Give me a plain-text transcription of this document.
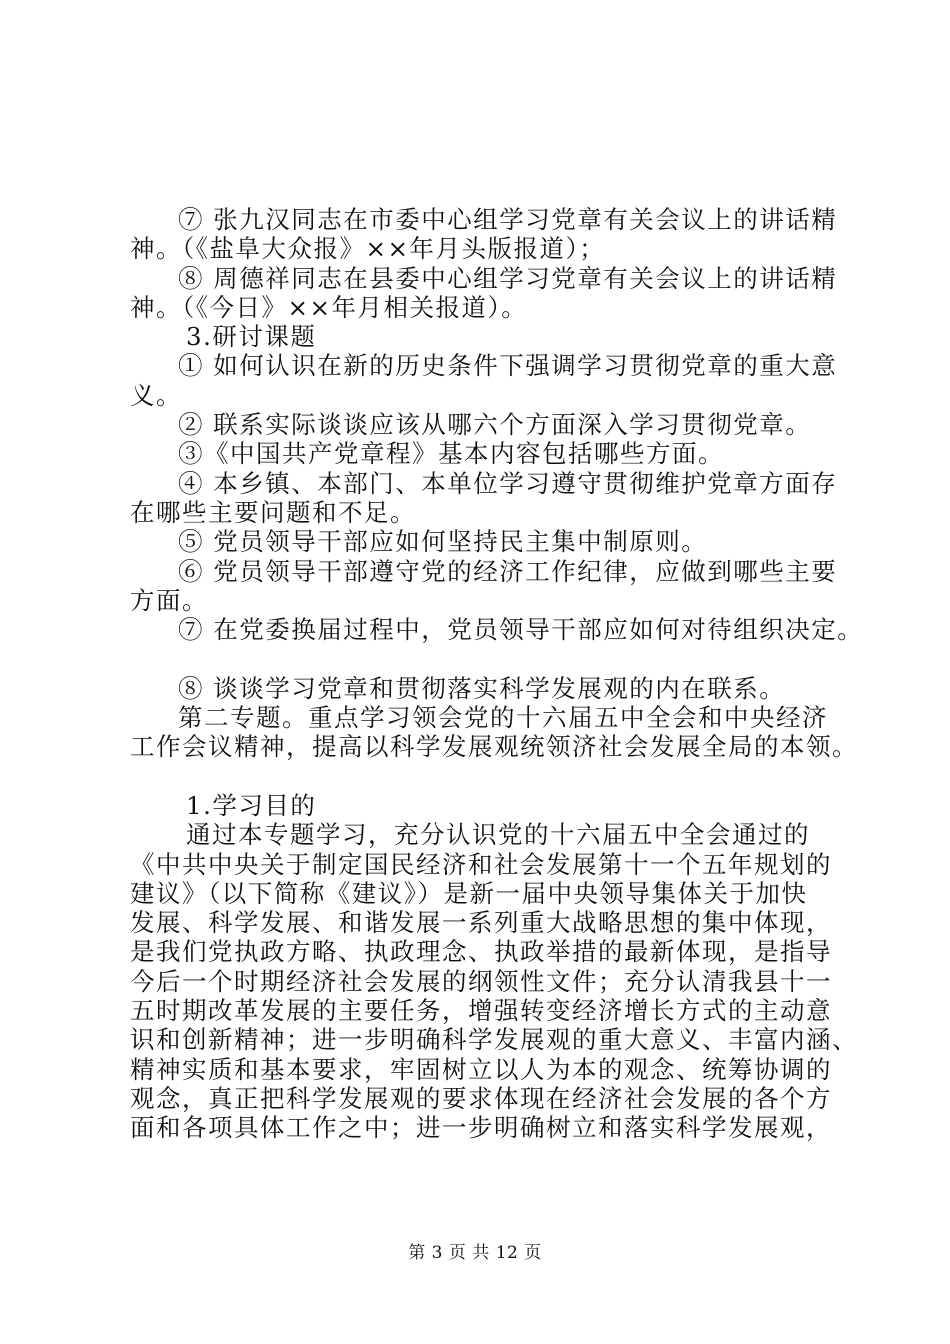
⑦ 张九汉同志在市委中心组学习党章有关会议上的讲话精
神。（《盐阜大众报》××年月头版报道）；
⑧ 周德祥同志在县委中心组学习党章有关会议上的讲话精
神。（《今日》××年月相关报道）。
3.研讨课题
① 如何认识在新的历史条件下强调学习贯彻党章的重大意
义。
② 联系实际谈谈应该从哪六个方面深入学习贯彻党章。
③《中国共产党章程》基本内容包括哪些方面。
④ 本乡镇、本部门、本单位学习遵守贯彻维护党章方面存
在哪些主要问题和不足。
⑤ 党员领导干部应如何坚持民主集中制原则。
⑥ 党员领导干部遵守党的经济工作纪律，应做到哪些主要
方面。
⑦ 在党委换届过程中，党员领导干部应如何对待组织决定。
⑧ 谈谈学习党章和贯彻落实科学发展观的内在联系。
第二专题。重点学习领会党的十六届五中全会和中央经济
工作会议精神，提高以科学发展观统领济社会发展全局的本领。
1.学习目的
通过本专题学习，充分认识党的十六届五中全会通过的
《中共中央关于制定国民经济和社会发展第十一个五年规划的
建议》（以下简称《建议》）是新一届中央领导集体关于加快
发展、科学发展、和谐发展一系列重大战略思想的集中体现，
是我们党执政方略、执政理念、执政举措的最新体现，是指导
今后一个时期经济社会发展的纲领性文件；充分认清我县十一
五时期改革发展的主要任务，增强转变经济增长方式的主动意
识和创新精神；进一步明确科学发展观的重大意义、丰富内涵、
精神实质和基本要求，牢固树立以人为本的观念、统筹协调的
观念，真正把科学发展观的要求体现在经济社会发展的各个方
面和各项具体工作之中；进一步明确树立和落实科学发展观，
第 3 页 共 12 页
